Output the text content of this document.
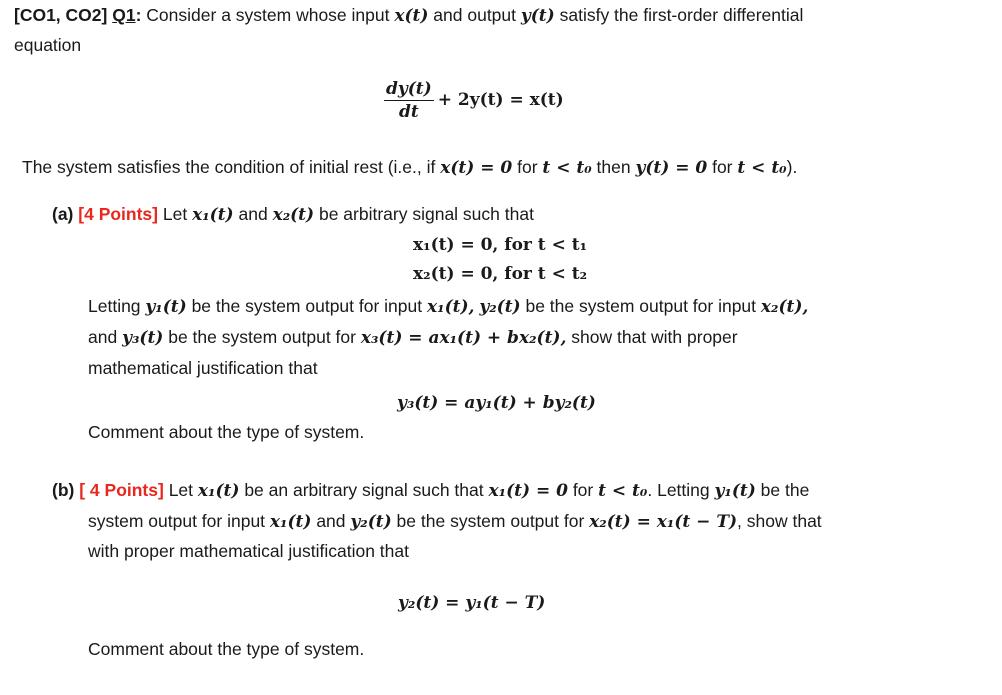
[CO1, CO2] Q1: Consider a system whose input x(t) and output y(t) satisfy the first-order differential
equation
$\frac{dy(t)}{dt} + 2y(t) = x(t)$
The system satisfies the condition of initial rest (i.e., if x(t) = 0 for t < t₀ then y(t) = 0 for t < t₀).
(a) [4 Points] Let x₁(t) and x₂(t) be arbitrary signal such that
x₁(t) = 0, for t < t₁
x₂(t) = 0, for t < t₂
Letting y₁(t) be the system output for input x₁(t), y₂(t) be the system output for input x₂(t),
and y₃(t) be the system output for x₃(t) = ax₁(t) + bx₂(t), show that with proper
mathematical justification that
y₃(t) = ay₁(t) + by₂(t)
Comment about the type of system.
(b) [ 4 Points] Let x₁(t) be an arbitrary signal such that x₁(t) = 0 for t < t₀. Letting y₁(t) be the
system output for input x₁(t) and y₂(t) be the system output for x₂(t) = x₁(t − T), show that
with proper mathematical justification that
y₂(t) = y₁(t − T)
Comment about the type of system.
